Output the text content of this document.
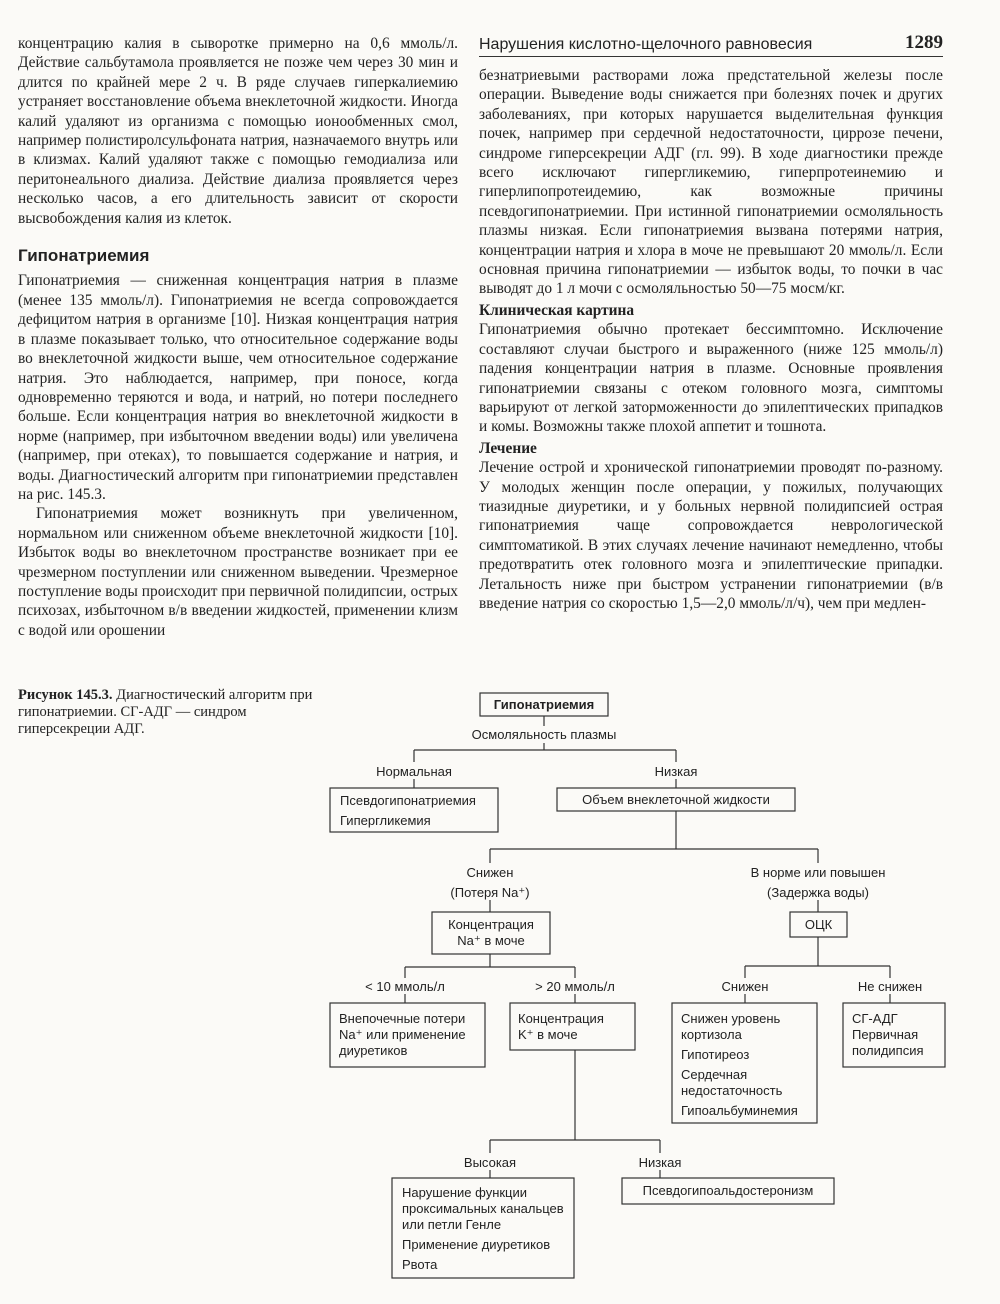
Нарушения кислотно-щелочного равновесия	1289

концентрацию калия в сыворотке примерно на 0,6 ммоль/л. Действие сальбутамола проявляется не позже чем через 30 мин и длится по крайней мере 2 ч. В ряде случаев гиперкалиемию устраняет восстановление объема внеклеточной жидкости. Иногда калий удаляют из организма с помощью ионообменных смол, например полистиролсульфоната натрия, назначаемого внутрь или в клизмах. Калий удаляют также с помощью гемодиализа или перитонеального диализа. Действие диализа проявляется через несколько часов, а его длительность зависит от скорости высвобождения калия из клеток.

Гипонатриемия

Гипонатриемия — сниженная концентрация натрия в плазме (менее 135 ммоль/л). Гипонатриемия не всегда сопровождается дефицитом натрия в организме [10]. Низкая концентрация натрия в плазме показывает только, что относительное содержание воды во внеклеточной жидкости выше, чем относительное содержание натрия. Это наблюдается, например, при поносе, когда одновременно теряются и вода, и натрий, но потери последнего больше. Если концентрация натрия во внеклеточной жидкости в норме (например, при избыточном введении воды) или увеличена (например, при отеках), то повышается содержание и натрия, и воды. Диагностический алгоритм при гипонатриемии представлен на рис. 145.3.

Гипонатриемия может возникнуть при увеличенном, нормальном или сниженном объеме внеклеточной жидкости [10]. Избыток воды во внеклеточном пространстве возникает при ее чрезмерном поступлении или сниженном выведении. Чрезмерное поступление воды происходит при первичной полидипсии, острых психозах, избыточном в/в введении жидкостей, применении клизм с водой или орошении

безнатриевыми растворами ложа предстательной железы после операции. Выведение воды снижается при болезнях почек и других заболеваниях, при которых нарушается выделительная функция почек, например при сердечной недостаточности, циррозе печени, синдроме гиперсекреции АДГ (гл. 99). В ходе диагностики прежде всего исключают гипергликемию, гиперпротеинемию и гиперлипопротеидемию, как возможные причины псевдогипонатриемии. При истинной гипонатриемии осмоляльность плазмы низкая. Если гипонатриемия вызвана потерями натрия, концентрации натрия и хлора в моче не превышают 20 ммоль/л. Если основная причина гипонатриемии — избыток воды, то почки в час выводят до 1 л мочи с осмоляльностью 50—75 мосм/кг.

Клиническая картина

Гипонатриемия обычно протекает бессимптомно. Исключение составляют случаи быстрого и выраженного (ниже 125 ммоль/л) падения концентрации натрия в плазме. Основные проявления гипонатриемии связаны с отеком головного мозга, симптомы варьируют от легкой заторможенности до эпилептических припадков и комы. Возможны также плохой аппетит и тошнота.

Лечение

Лечение острой и хронической гипонатриемии проводят по-разному. У молодых женщин после операции, у пожилых, получающих тиазидные диуретики, и у больных нервной полидипсией острая гипонатриемия чаще сопровождается неврологической симптоматикой. В этих случаях лечение начинают немедленно, чтобы предотвратить отек головного мозга и эпилептические припадки. Летальность ниже при быстром устранении гипонатриемии (в/в введение натрия со скоростью 1,5—2,0 ммоль/л/ч), чем при медлен-

Рисунок 145.3. Диагностический алгоритм при гипонатриемии. СГ-АДГ — синдром гиперсекреции АДГ.

Гипонатриемия
Осмоляльность плазмы
Нормальная	Низкая
Псевдогипонатриемия
Гипергликемия
Объем внеклеточной жидкости
Снижен
(Потеря Na⁺)
В норме или повышен
(Задержка воды)
Концентрация
Na⁺ в моче
ОЦК
< 10 ммоль/л	> 20 ммоль/л	Снижен	Не снижен
Внепочечные потери
Na⁺ или применение
диуретиков
Концентрация
K⁺ в моче
Снижен уровень
кортизола
Гипотиреоз
Сердечная
недостаточность
Гипоальбуминемия
СГ-АДГ
Первичная
полидипсия
Высокая	Низкая
Нарушение функции
проксимальных канальцев
или петли Генле
Применение диуретиков
Рвота
Псевдогипоальдостеронизм
